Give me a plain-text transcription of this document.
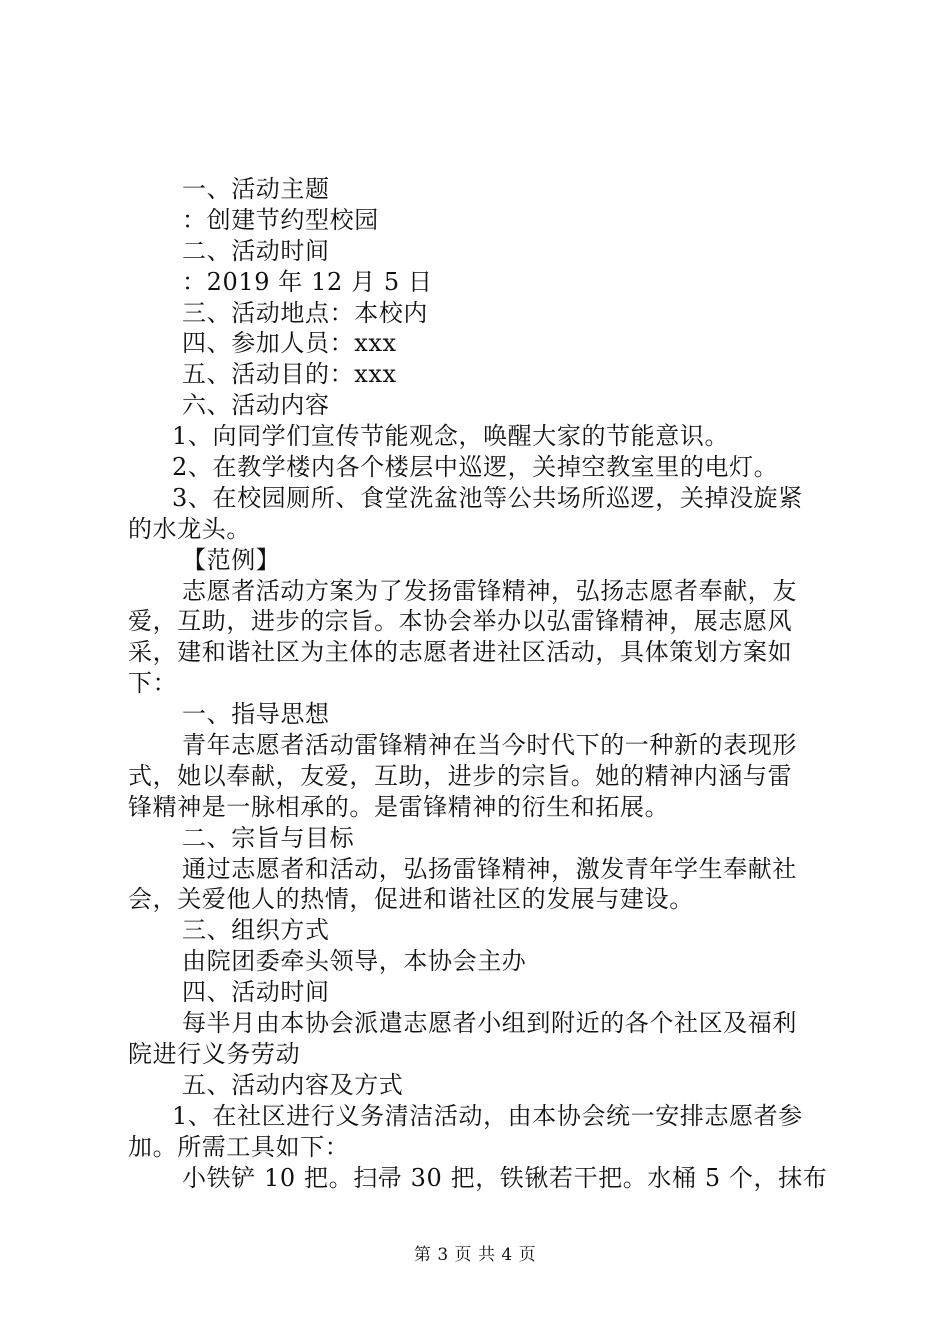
一、活动主题
：创建节约型校园
二、活动时间
：2019 年 12 月 5 日
三、活动地点：本校内
四、参加人员：xxx
五、活动目的：xxx
六、活动内容
1、向同学们宣传节能观念，唤醒大家的节能意识。
2、在教学楼内各个楼层中巡逻，关掉空教室里的电灯。
3、在校园厕所、食堂洗盆池等公共场所巡逻，关掉没旋紧
的水龙头。
【范例】
志愿者活动方案为了发扬雷锋精神，弘扬志愿者奉献，友
爱，互助，进步的宗旨。本协会举办以弘雷锋精神，展志愿风
采，建和谐社区为主体的志愿者进社区活动，具体策划方案如
下：
一、指导思想
青年志愿者活动雷锋精神在当今时代下的一种新的表现形
式，她以奉献，友爱，互助，进步的宗旨。她的精神内涵与雷
锋精神是一脉相承的。是雷锋精神的衍生和拓展。
二、宗旨与目标
通过志愿者和活动，弘扬雷锋精神，激发青年学生奉献社
会，关爱他人的热情，促进和谐社区的发展与建设。
三、组织方式
由院团委牵头领导，本协会主办
四、活动时间
每半月由本协会派遣志愿者小组到附近的各个社区及福利
院进行义务劳动
五、活动内容及方式
1、在社区进行义务清洁活动，由本协会统一安排志愿者参
加。所需工具如下：
小铁铲 10 把。扫帚 30 把，铁锹若干把。水桶 5 个，抹布
第 3 页 共 4 页
